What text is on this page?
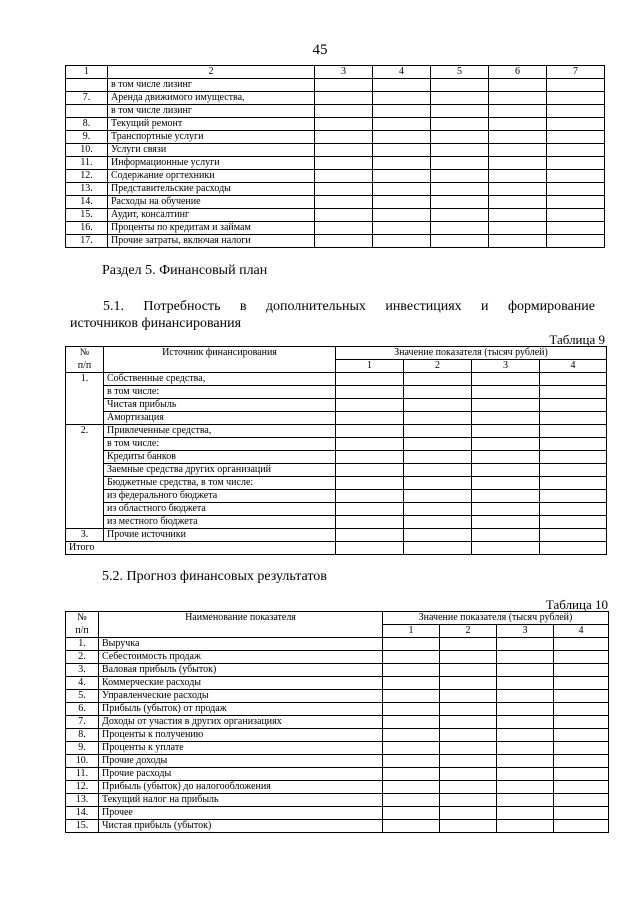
45
1	2	3	4	5	6	7
	в том числе лизинг					
7.	Аренда движимого имущества,					
	в том числе лизинг					
8.	Текущий ремонт					
9.	Транспортные услуги					
10.	Услуги связи					
11.	Информационные услуги					
12.	Содержание оргтехники					
13.	Представительские расходы					
14.	Расходы на обучение					
15.	Аудит, консалтинг					
16.	Проценты по кредитам и займам					
17.	Прочие затраты, включая налоги					
Раздел 5. Финансовый план
5.1. Потребность в дополнительных инвестициях и формирование
источников финансирования
Таблица 9
№	Источник финансирования	Значение показателя (тысяч рублей)			
п/п		1	2	3	4
1.	Собственные средства,				
	в том числе:				
	Чистая прибыль				
	Амортизация				
2.	Привлеченные средства,				
	в том числе:				
	Кредиты банков				
	Заемные средства других организаций				
	Бюджетные средства, в том числе:				
	из федерального бюджета				
	из областного бюджета				
	из местного бюджета				
3.	Прочие источники				
Итого					
5.2. Прогноз финансовых результатов
Таблица 10
№	Наименование показателя	Значение показателя (тысяч рублей)			
п/п		1	2	3	4
1.	Выручка				
2.	Себестоимость продаж				
3.	Валовая прибыль (убыток)				
4.	Коммерческие расходы				
5.	Управленческие расходы				
6.	Прибыль (убыток) от продаж				
7.	Доходы от участия в других организациях				
8.	Проценты к получению				
9.	Проценты к уплате				
10.	Прочие доходы				
11.	Прочие расходы				
12.	Прибыль (убыток) до налогообложения				
13.	Текущий налог на прибыль				
14.	Прочее				
15.	Чистая прибыль (убыток)				
